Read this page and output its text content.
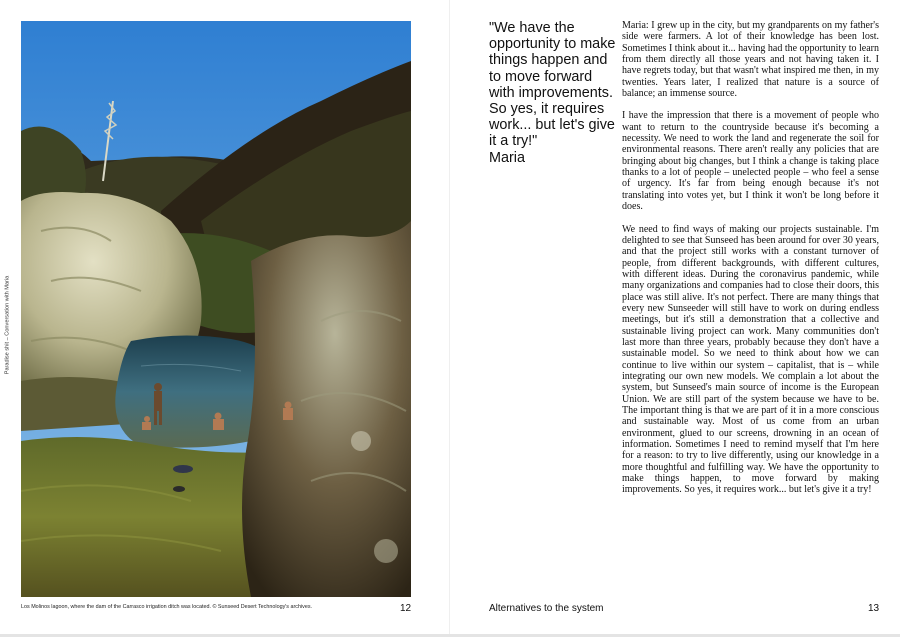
Paradise shit – Conversation with Maria
Los Molinos lagoon, where the dam of the Carrasco irrigation ditch was located. © Sunseed Desert Technology's archives.	12
"We have the opportunity to make things happen and to move forward with improvements. So yes, it requires work... but let's give it a try!"
Maria

Maria: I grew up in the city, but my grandparents on my father's side were farmers. A lot of their knowledge has been lost. Sometimes I think about it... having had the opportunity to learn from them directly all those years and not having taken it. I have regrets today, but that wasn't what inspired me then, in my twenties. Years later, I realized that nature is a source of balance; an immense source.

I have the impression that there is a movement of people who want to return to the countryside because it's becoming a necessity. We need to work the land and regenerate the soil for environmental reasons. There aren't really any policies that are bringing about big changes, but I think a change is taking place thanks to a lot of people – unelected people – who feel a sense of urgency. It's far from being enough because it's not translating into votes yet, but I think it won't be long before it does.

We need to find ways of making our projects sustainable. I'm delighted to see that Sunseed has been around for over 30 years, and that the project still works with a constant turnover of people, from different backgrounds, with different cultures, with different ideas. During the coronavirus pandemic, while many organizations and companies had to close their doors, this place was still alive. It's not perfect. There are many things that every new Sunseeder will still have to work on during endless meetings, but it's still a demonstration that a collective and sustainable living project can work. Many communities don't last more than three years, probably because they don't have a sustainable model. So we need to think about how we can continue to live within our system – capitalist, that is – while integrating our own new models. We complain a lot about the system, but Sunseed's main source of income is the European Union. We are still part of the system because we have to be. The important thing is that we are part of it in a more conscious and sustainable way. Most of us come from an urban environment, glued to our screens, drowning in an ocean of information. Sometimes I need to remind myself that I'm here for a reason: to try to live differently, using our knowledge in a more thoughtful and fulfilling way. We have the opportunity to make things happen, to move forward by making improvements. So yes, it requires work... but let's give it a try!

Alternatives to the system	13
